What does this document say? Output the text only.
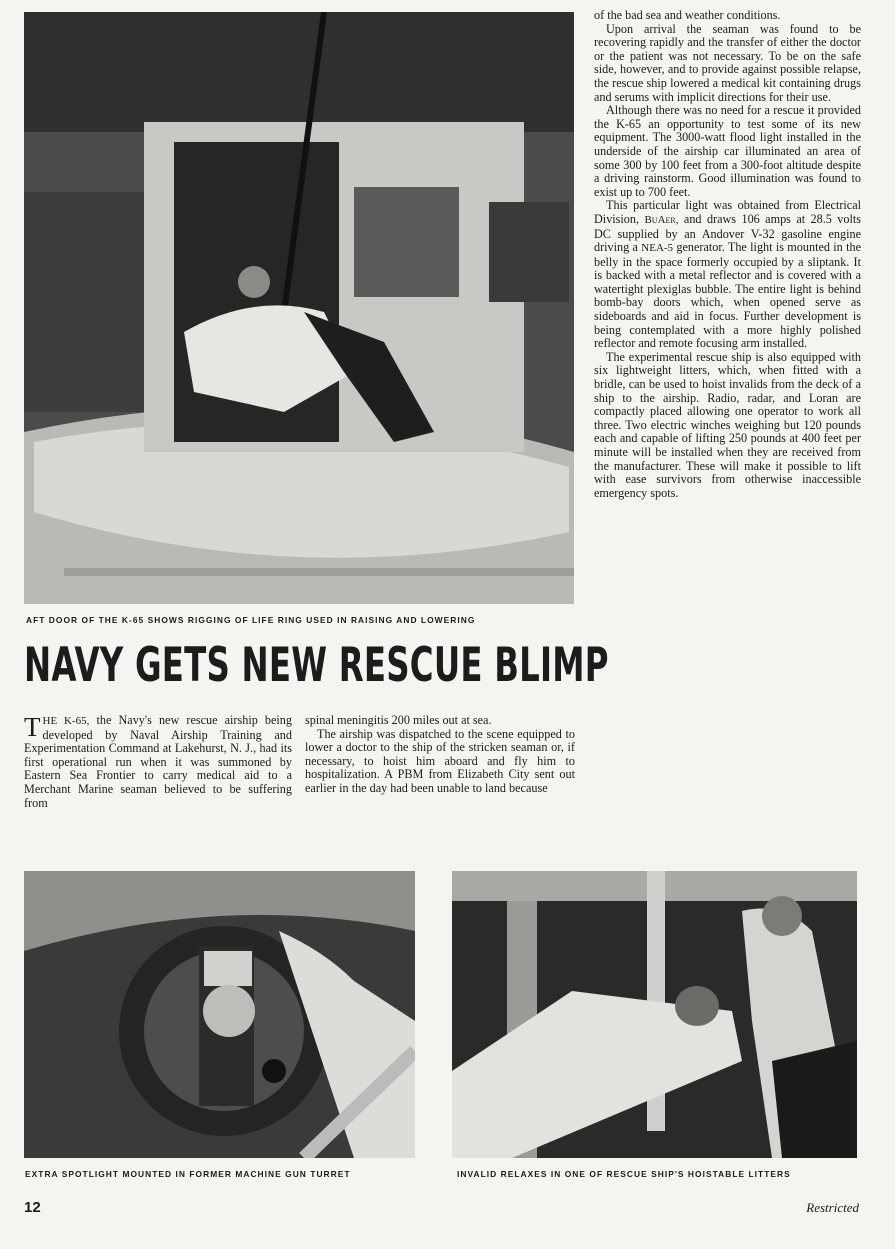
AFT DOOR OF THE K-65 SHOWS RIGGING OF LIFE RING USED IN RAISING AND LOWERING
NAVY GETS NEW RESCUE BLIMP

THE K-65, the Navy's new rescue airship being developed by Naval Airship Training and Experimentation Command at Lakehurst, N. J., had its first operational run when it was summoned by Eastern Sea Frontier to carry medical aid to a Merchant Marine seaman believed to be suffering from

spinal meningitis 200 miles out at sea.

The airship was dispatched to the scene equipped to lower a doctor to the ship of the stricken seaman or, if necessary, to hoist him aboard and fly him to hospitalization. A PBM from Elizabeth City sent out earlier in the day had been unable to land because

of the bad sea and weather conditions.

Upon arrival the seaman was found to be recovering rapidly and the transfer of either the doctor or the patient was not necessary. To be on the safe side, however, and to provide against possible relapse, the rescue ship lowered a medical kit containing drugs and serums with implicit directions for their use.

Although there was no need for a rescue it provided the K-65 an opportunity to test some of its new equipment. The 3000-watt flood light installed in the underside of the airship car illuminated an area of some 300 by 100 feet from a 300-foot altitude despite a driving rainstorm. Good illumination was found to exist up to 700 feet.

This particular light was obtained from Electrical Division, BuAer, and draws 106 amps at 28.5 volts DC supplied by an Andover V-32 gasoline engine driving a NEA-5 generator. The light is mounted in the belly in the space formerly occupied by a sliptank. It is backed with a metal reflector and is covered with a watertight plexiglas bubble. The entire light is behind bomb-bay doors which, when opened serve as sideboards and aid in focus. Further development is being contemplated with a more highly polished reflector and remote focusing arm installed.

The experimental rescue ship is also equipped with six lightweight litters, which, when fitted with a bridle, can be used to hoist invalids from the deck of a ship to the airship. Radio, radar, and Loran are compactly placed allowing one operator to work all three. Two electric winches weighing but 120 pounds each and capable of lifting 250 pounds at 400 feet per minute will be installed when they are received from the manufacturer. These will make it possible to lift with ease survivors from otherwise inaccessible emergency spots.

EXTRA SPOTLIGHT MOUNTED IN FORMER MACHINE GUN TURRET	INVALID RELAXES IN ONE OF RESCUE SHIP'S HOISTABLE LITTERS
12	Restricted
